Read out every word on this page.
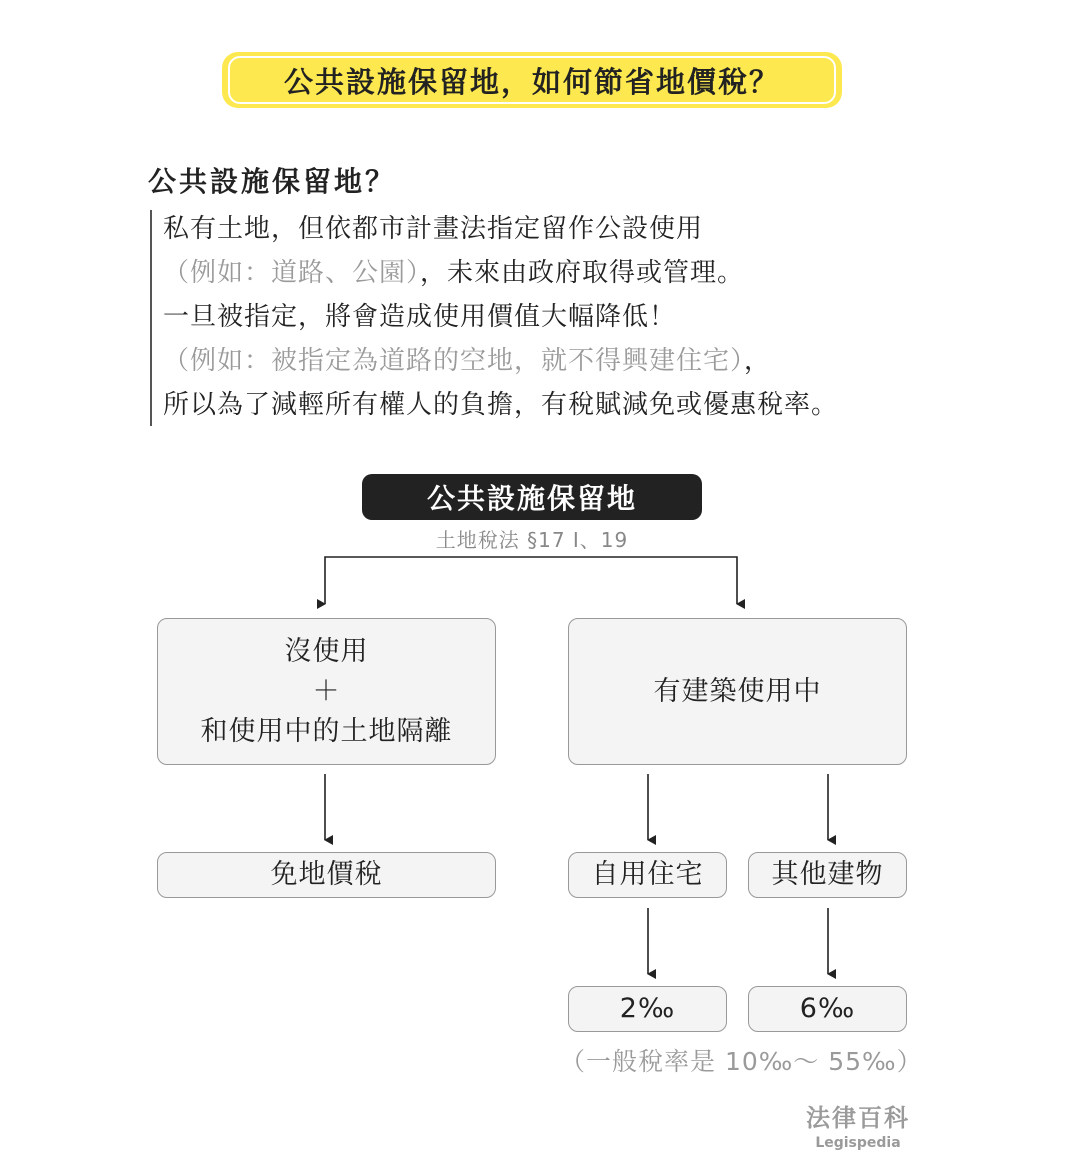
公共設施保留地，如何節省地價稅？
公共設施保留地？
私有土地，但依都市計畫法指定留作公設使用
（例如：道路、公園），未來由政府取得或管理。
一旦被指定，將會造成使用價值大幅降低！
（例如：被指定為道路的空地，就不得興建住宅），
所以為了減輕所有權人的負擔，有稅賦減免或優惠稅率。
公共設施保留地
土地稅法 §17 I、19
沒使用
＋
和使用中的土地隔離
有建築使用中
免地價稅	自用住宅	其他建物
2‰	6‰
（一般稅率是 10‰～ 55‰）
法律百科
Legispedia
